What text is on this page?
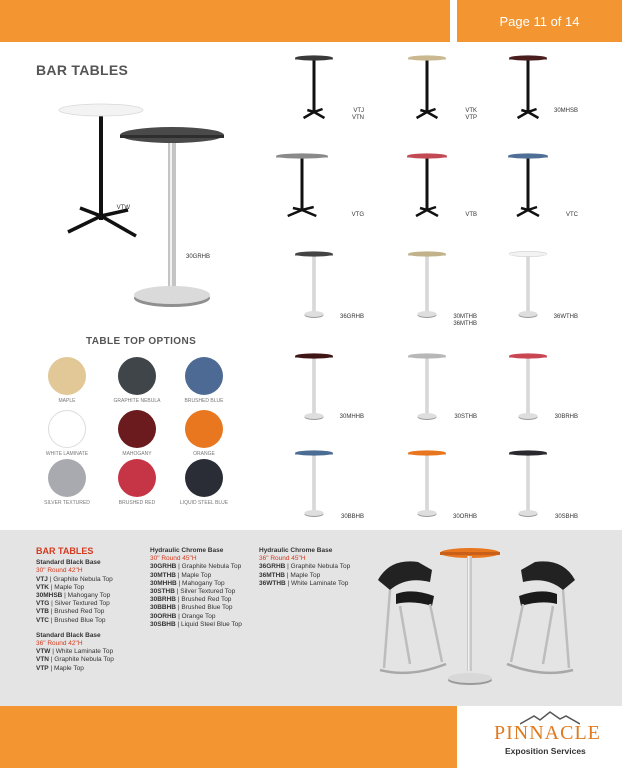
Page 11 of 14
BAR TABLES
VTW
30GRHB
VTJ
VTN
VTK
VTP
30MHSB
VTG	VTB	VTC
36GRHB	30MTHB
36MTHB
36WTHB
30MHHB	30STHB	30BRHB
30BBHB	30ORHB	30SBHB
TABLE TOP OPTIONS
MAPLE	GRAPHITE NEBULA	BRUSHED BLUE
WHITE LAMINATE	MAHOGANY	ORANGE
SILVER TEXTURED	BRUSHED RED	LIQUID STEEL BLUE
BAR TABLES
Standard Black Base
30" Round 42"H
VTJ | Graphite Nebula Top
VTK | Maple Top
30MHSB | Mahogany Top
VTG | Silver Textured Top
VTB | Brushed Red Top
VTC | Brushed Blue Top
Standard Black Base
36" Round 42"H
VTW | White Laminate Top
VTN | Graphite Nebula Top
VTP | Maple Top
Hydraulic Chrome Base
30" Round 45"H
30GRHB | Graphite Nebula Top
30MTHB | Maple Top
30MHHB | Mahogany Top
30STHB | Silver Textured Top
30BRHB | Brushed Red Top
30BBHB | Brushed Blue Top
30ORHB | Orange Top
30SBHB | Liquid Steel Blue Top
Hydraulic Chrome Base
36" Round 45"H
36GRHB | Graphite Nebula Top
36MTHB | Maple Top
36WTHB | White Laminate Top
PINNACLE
Exposition Services
